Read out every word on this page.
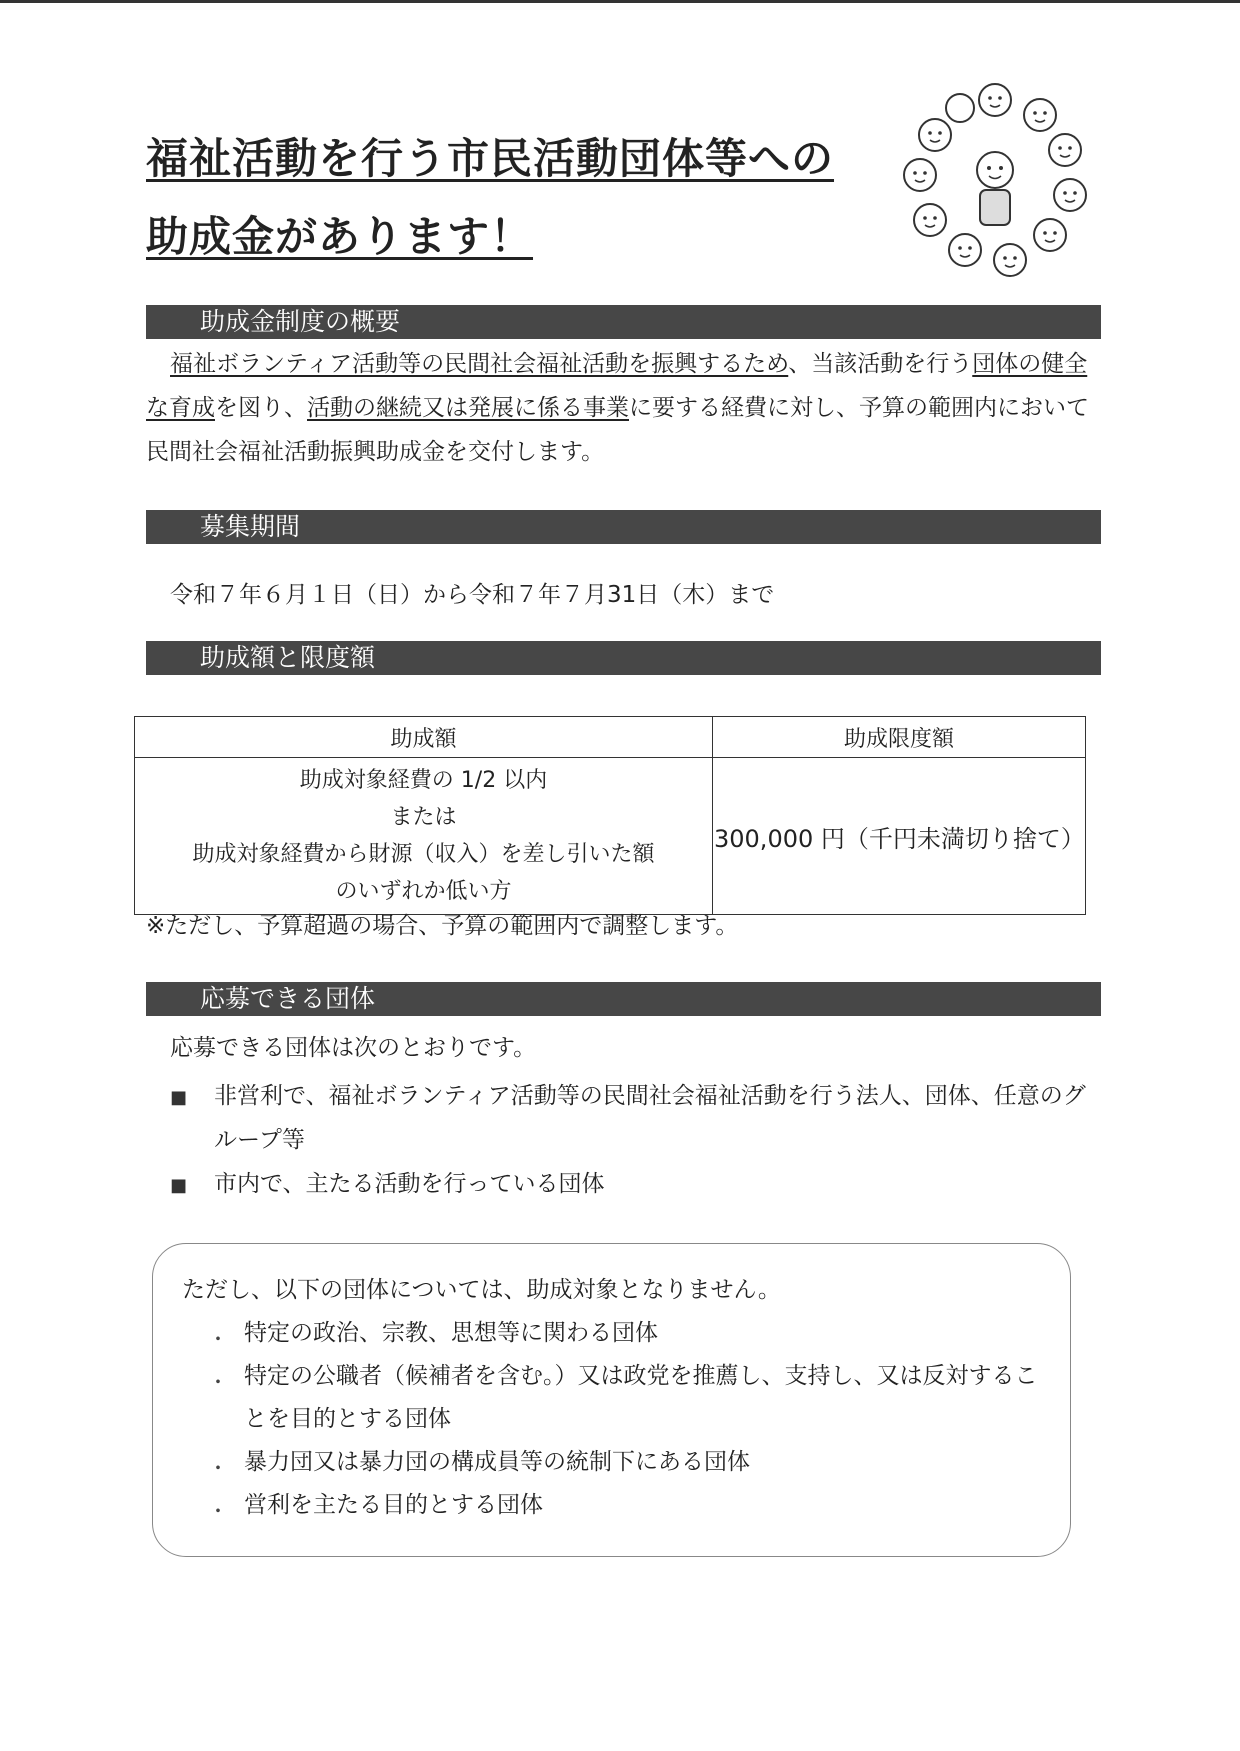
福祉活動を行う市民活動団体等への
助成金があります！
助成金制度の概要

福祉ボランティア活動等の民間社会福祉活動を振興するため、当該活動を行う団体の健全

な育成を図り、活動の継続又は発展に係る事業に要する経費に対し、予算の範囲内において

民間社会福祉活動振興助成金を交付します。

募集期間

令和７年６月１日（日）から令和７年７月31日（木）まで

助成額と限度額
助成額	助成限度額

助成対象経費の 1/2 以内
または
助成対象経費から財源（収入）を差し引いた額
のいずれか低い方	300,000 円（千円未満切り捨て）

※ただし、予算超過の場合、予算の範囲内で調整します。

応募できる団体

応募できる団体は次のとおりです。

■ 非営利で、福祉ボランティア活動等の民間社会福祉活動を行う法人、団体、任意のグ

ループ等

■ 市内で、主たる活動を行っている団体

ただし、以下の団体については、助成対象となりません。

・ 特定の政治、宗教、思想等に関わる団体

・ 特定の公職者（候補者を含む。）又は政党を推薦し、支持し、又は反対するこ

とを目的とする団体

・ 暴力団又は暴力団の構成員等の統制下にある団体

・ 営利を主たる目的とする団体
